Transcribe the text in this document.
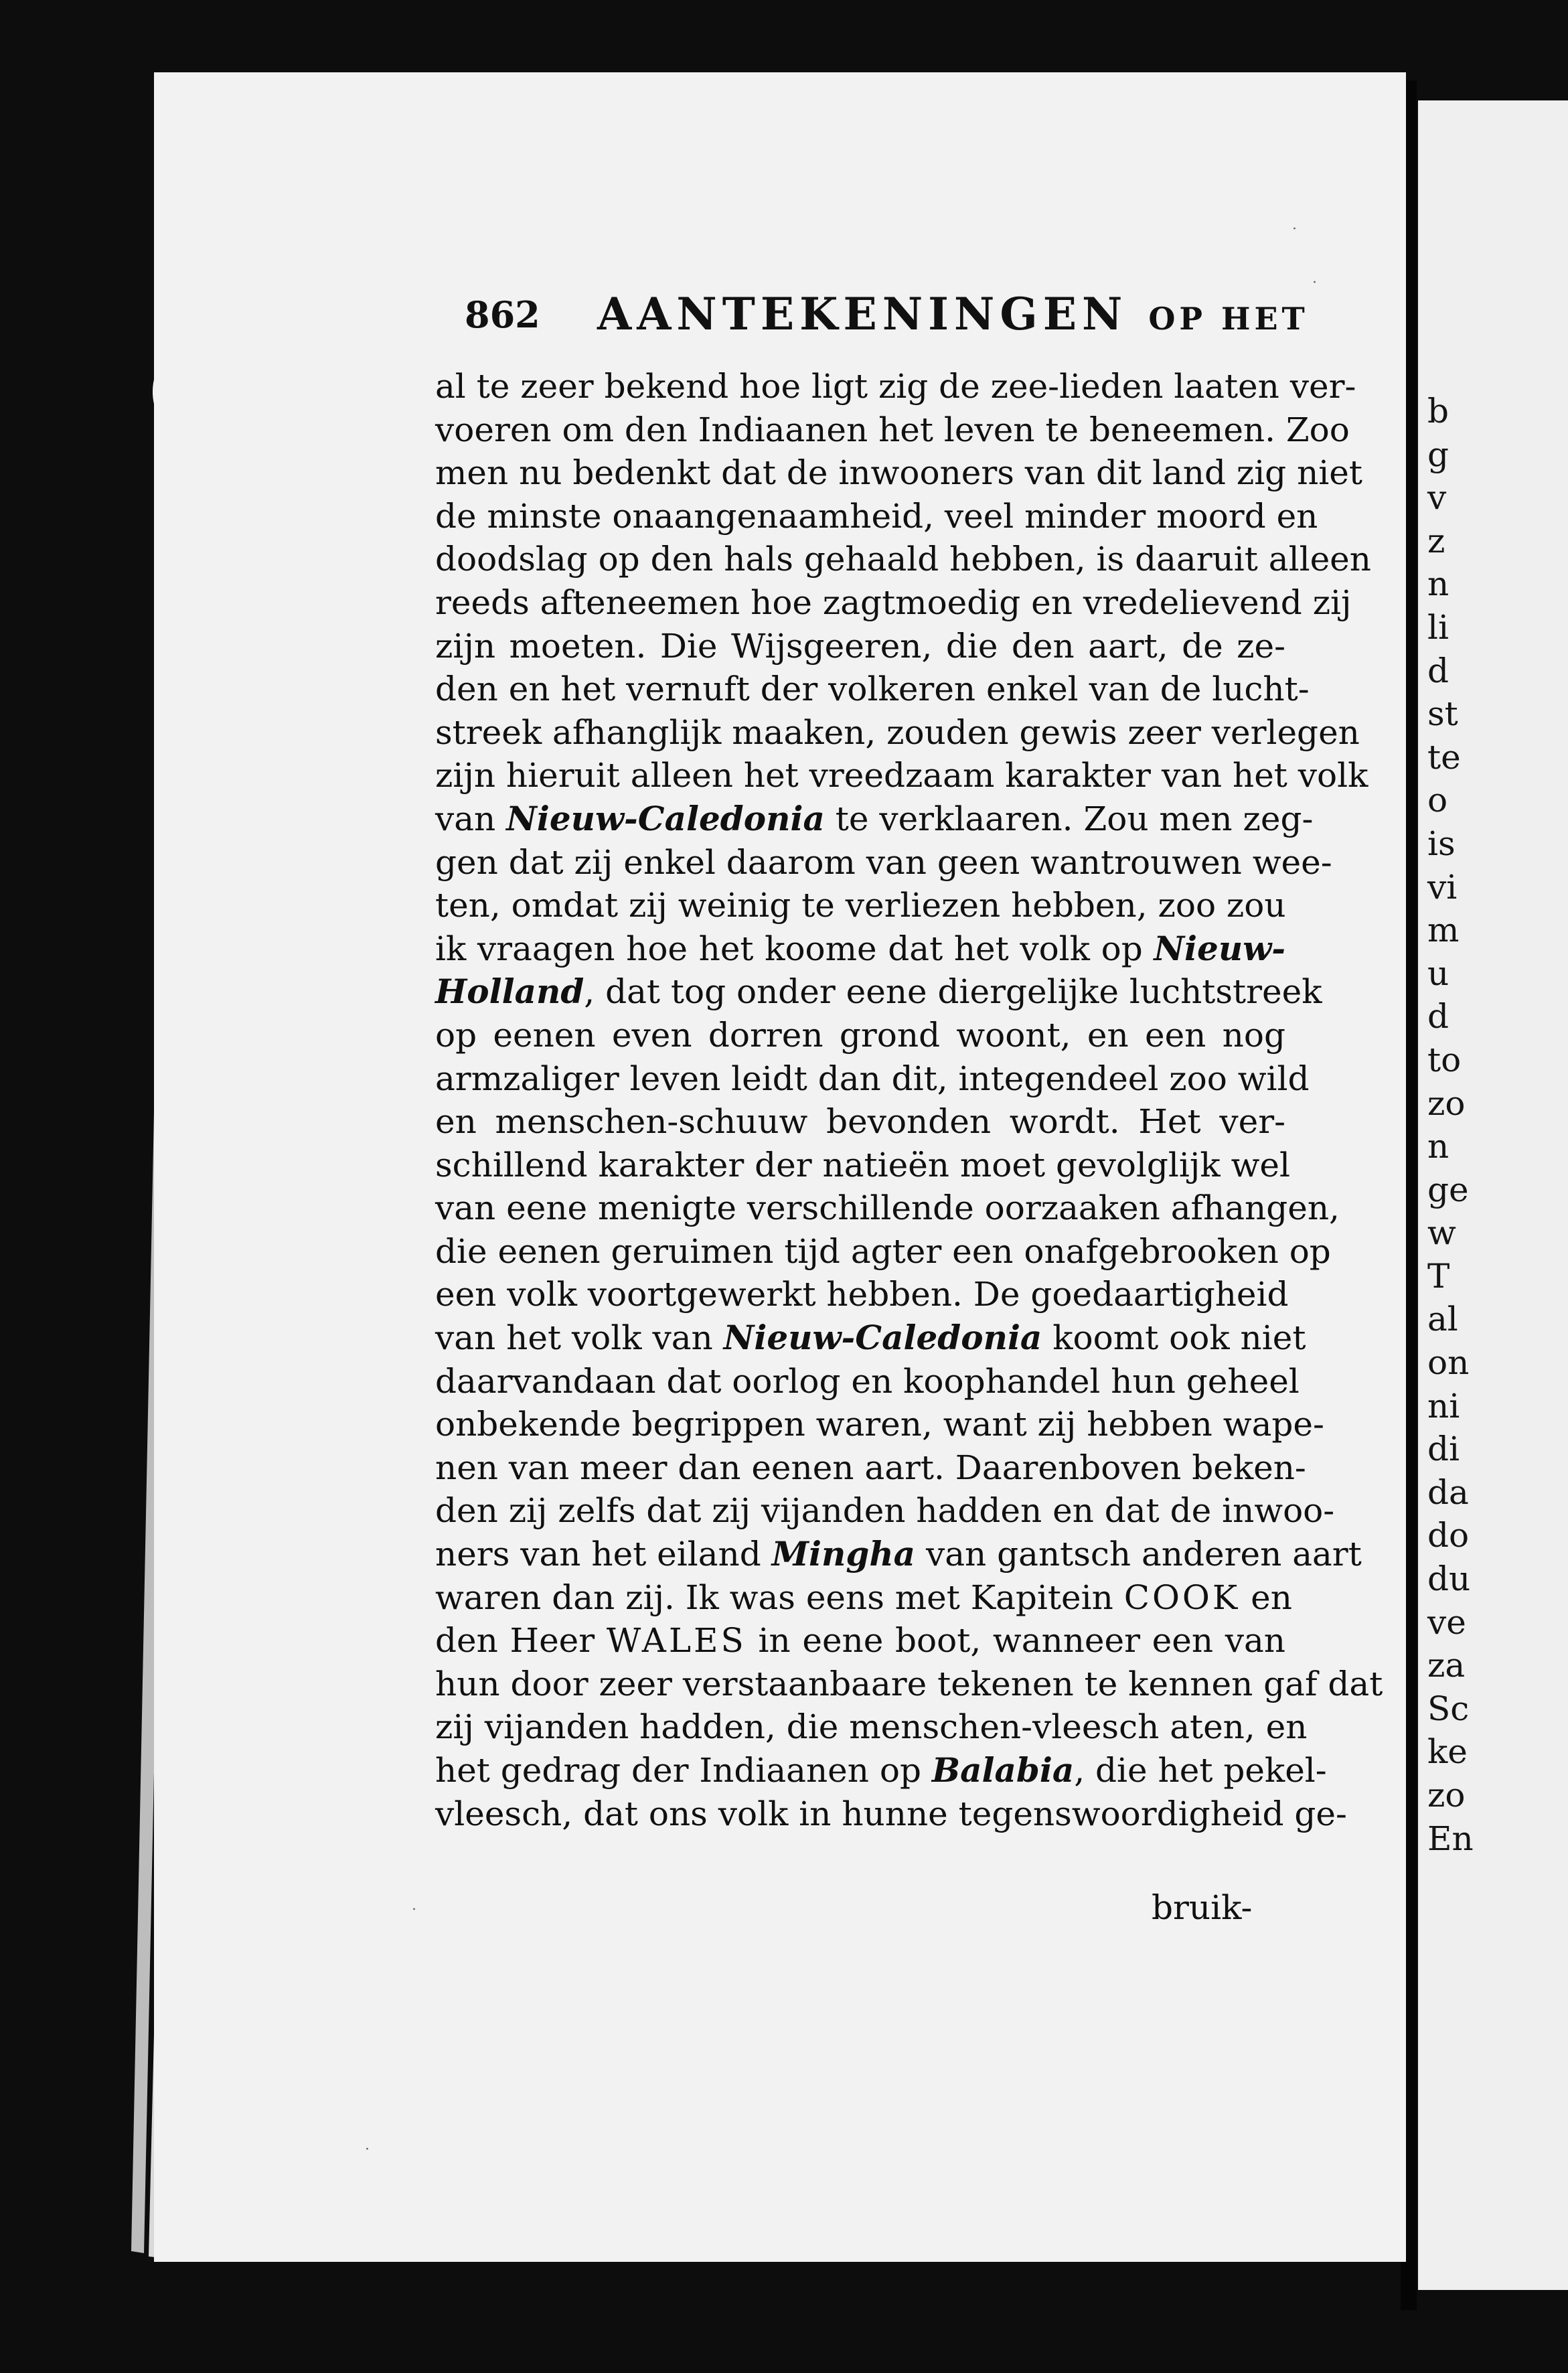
b
g
v
z
n
li
d
st
te
o
is
vi
m
u
d
to
zo
n
ge
w
T
al
on
ni
di
da
do
du
ve
za
Sc
ke
zo
En
862 AANTEKENINGEN OP HET
al te zeer bekend hoe ligt zig de zee-lieden laaten ver-
voeren om den Indiaanen het leven te beneemen. Zoo
men nu bedenkt dat de inwooners van dit land zig niet
de minste onaangenaamheid, veel minder moord en
doodslag op den hals gehaald hebben, is daaruit alleen
reeds afteneemen hoe zagtmoedig en vredelievend zij
zijn moeten. Die Wijsgeeren, die den aart, de ze-
den en het vernuft der volkeren enkel van de lucht-
streek afhanglijk maaken, zouden gewis zeer verlegen
zijn hieruit alleen het vreedzaam karakter van het volk
van Nieuw-Caledonia te verklaaren. Zou men zeg-
gen dat zij enkel daarom van geen wantrouwen wee-
ten, omdat zij weinig te verliezen hebben, zoo zou
ik vraagen hoe het koome dat het volk op Nieuw-
Holland, dat tog onder eene diergelijke luchtstreek
op eenen even dorren grond woont, en een nog
armzaliger leven leidt dan dit, integendeel zoo wild
en menschen-schuuw bevonden wordt. Het ver-
schillend karakter der natieën moet gevolglijk wel
van eene menigte verschillende oorzaaken afhangen,
die eenen geruimen tijd agter een onafgebrooken op
een volk voortgewerkt hebben. De goedaartigheid
van het volk van Nieuw-Caledonia koomt ook niet
daarvandaan dat oorlog en koophandel hun geheel
onbekende begrippen waren, want zij hebben wape-
nen van meer dan eenen aart. Daarenboven beken-
den zij zelfs dat zij vijanden hadden en dat de inwoo-
ners van het eiland Mingha van gantsch anderen aart
waren dan zij. Ik was eens met Kapitein COOK en
den Heer WALES in eene boot, wanneer een van
hun door zeer verstaanbaare tekenen te kennen gaf dat
zij vijanden hadden, die menschen-vleesch aten, en
het gedrag der Indiaanen op Balabia, die het pekel-
vleesch, dat ons volk in hunne tegenswoordigheid ge-
bruik-
·
·
·
·
